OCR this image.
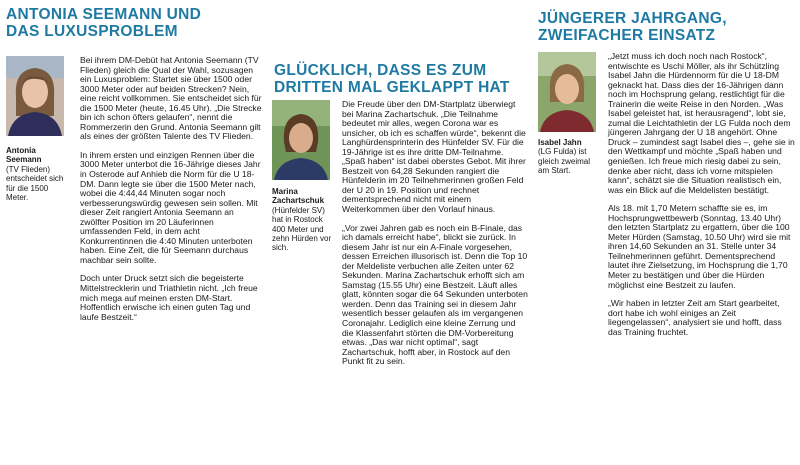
ANTONIA SEEMANN UND
DAS LUXUSPROBLEM
Antonia
Seemann
(TV Flieden) entscheidet sich für die 1500 Meter.

Bei ihrem DM-Debüt hat Antonia Seemann (TV Flieden) gleich die Qual der Wahl, sozusagen ein Luxusproblem: Startet sie über 1500 oder 3000 Meter oder auf beiden Strecken? Nein, eine reicht vollkommen. Sie entscheidet sich für die 1500 Meter (heute, 16.45 Uhr). „Die Strecke bin ich schon öfters gelaufen“, nennt die Rommerzerin den Grund. Antonia Seemann gilt als eines der größten Talente des TV Flieden.

In ihrem ersten und einzigen Rennen über die 3000 Meter unterbot die 16-Jährige dieses Jahr in Osterode auf Anhieb die Norm für die U 18-DM. Dann legte sie über die 1500 Meter nach, wobei die 4:44,44 Minuten sogar noch verbesserungswürdig gewesen sein sollen. Mit dieser Zeit rangiert Antonia Seemann an zwölfter Position im 20 Läuferinnen umfassenden Feld, in dem acht Konkurrentinnen die 4:40 Minuten unterboten haben. Eine Zeit, die für Seemann durchaus machbar sein sollte.

Doch unter Druck setzt sich die begeisterte Mittelstrecklerin und Triathletin nicht. „Ich freue mich mega auf meinen ersten DM-Start. Hoffentlich erwische ich einen guten Tag und laufe Bestzeit.“

GLÜCKLICH, DASS ES ZUM
DRITTEN MAL GEKLAPPT HAT
Marina
Zachartschuk
(Hünfelder SV) hat in Rostock 400 Meter und zehn Hürden vor sich.

Die Freude über den DM-Startplatz überwiegt bei Marina Zachartschuk. „Die Teilnahme bedeutet mir alles, wegen Corona war es unsicher, ob ich es schaffen würde“, bekennt die Langhürdensprinterin des Hünfelder SV. Für die 19-Jährige ist es ihre dritte DM-Teilnahme. „Spaß haben“ ist dabei oberstes Gebot. Mit ihrer Bestzeit von 64,28 Sekunden rangiert die Hünfelderin im 20 Teilnehmerinnen großen Feld der U 20 in 19. Position und rechnet dementsprechend nicht mit einem Weiterkommen über den Vorlauf hinaus.

„Vor zwei Jahren gab es noch ein B-Finale, das ich damals erreicht habe“, blickt sie zurück. In diesem Jahr ist nur ein A-Finale vorgesehen, dessen Erreichen illusorisch ist. Denn die Top 10 der Meldeliste verbuchen alle Zeiten unter 62 Sekunden. Marina Zachartschuk erhofft sich am Samstag (15.55 Uhr) eine Bestzeit. Läuft alles glatt, könnten sogar die 64 Sekunden unterboten werden. Denn das Training sei in diesem Jahr wesentlich besser gelaufen als im vergangenen Coronajahr. Lediglich eine kleine Zerrung und die Klassenfahrt störten die DM-Vorbereitung etwas. „Das war nicht optimal“, sagt Zachartschuk, hofft aber, in Rostock auf den Punkt fit zu sein.

JÜNGERER JAHRGANG,
ZWEIFACHER EINSATZ
Isabel Jahn
(LG Fulda) ist gleich zweimal am Start.

„Jetzt muss ich doch noch nach Rostock“, entwischte es Uschi Möller, als ihr Schützling Isabel Jahn die Hürdennorm für die U 18-DM geknackt hat. Dass dies der 16-Jährigen dann noch im Hochsprung gelang, restlichtigt für die Trainerin die weite Reise in den Norden. „Was Isabel geleistet hat, ist herausragend“, lobt sie, zumal die Leichtathletin der LG Fulda noch dem jüngeren Jahrgang der U 18 angehört. Ohne Druck – zumindest sagt Isabel dies –, gehe sie in den Wettkampf und möchte „Spaß haben und genießen. Ich freue mich riesig dabei zu sein, denke aber nicht, dass ich vorne mitspielen kann“, schätzt sie die Situation realistisch ein, was ein Blick auf die Meldelisten bestätigt.

Als 18. mit 1,70 Metern schaffte sie es, im Hochsprungwettbewerb (Sonntag, 13.40 Uhr) den letzten Startplatz zu ergattern, über die 100 Meter Hürden (Samstag, 10.50 Uhr) wird sie mit ihren 14,60 Sekunden an 31. Stelle unter 34 Teilnehmerinnen geführt. Dementsprechend lautet ihre Zielsetzung, im Hochsprung die 1,70 Meter zu bestätigen und über die Hürden möglichst eine Bestzeit zu laufen.

„Wir haben in letzter Zeit am Start gearbeitet, dort habe ich wohl einiges an Zeit liegengelassen“, analysiert sie und hofft, dass das Training fruchtet.
